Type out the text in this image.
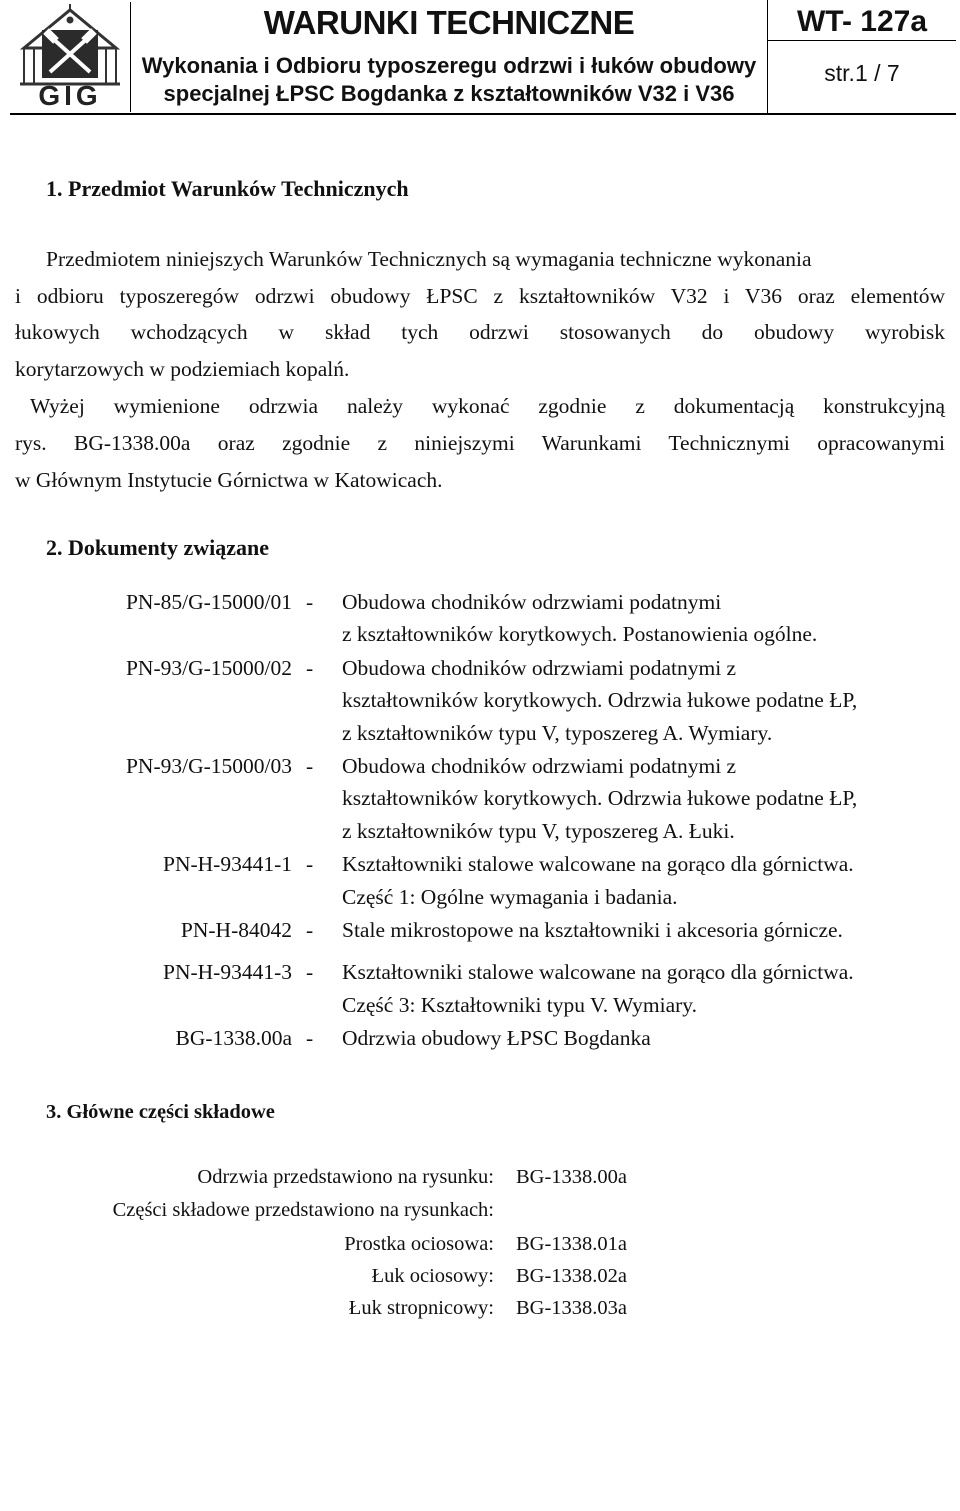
GIG
WARUNKI TECHNICZNE
Wykonania i Odbioru typoszeregu odrzwi i łuków obudowy
specjalnej ŁPSC Bogdanka z kształtowników V32 i V36
WT- 127a
str.1 / 7
1. Przedmiot Warunków Technicznych
Przedmiotem niniejszych Warunków Technicznych są wymagania techniczne wykonania
i odbioru typoszeregów odrzwi obudowy ŁPSC z kształtowników V32 i V36 oraz elementów
łukowych wchodzących w skład tych odrzwi stosowanych do obudowy wyrobisk
korytarzowych w podziemiach kopalń.
Wyżej wymienione odrzwia należy wykonać zgodnie z dokumentacją konstrukcyjną
rys. BG-1338.00a oraz zgodnie z niniejszymi Warunkami Technicznymi opracowanymi
w Głównym Instytucie Górnictwa w Katowicach.
2. Dokumenty związane
PN-85/G-15000/01 - Obudowa chodników odrzwiami podatnymi
z kształtowników korytkowych. Postanowienia ogólne.
PN-93/G-15000/02 - Obudowa chodników odrzwiami podatnymi z
kształtowników korytkowych. Odrzwia łukowe podatne ŁP,
z kształtowników typu V, typoszereg A. Wymiary.
PN-93/G-15000/03 - Obudowa chodników odrzwiami podatnymi z
kształtowników korytkowych. Odrzwia łukowe podatne ŁP,
z kształtowników typu V, typoszereg A. Łuki.
PN-H-93441-1 - Kształtowniki stalowe walcowane na gorąco dla górnictwa.
Część 1: Ogólne wymagania i badania.
PN-H-84042 - Stale mikrostopowe na kształtowniki i akcesoria górnicze.
PN-H-93441-3 - Kształtowniki stalowe walcowane na gorąco dla górnictwa.
Część 3: Kształtowniki typu V. Wymiary.
BG-1338.00a - Odrzwia obudowy ŁPSC Bogdanka
3. Główne części składowe
Odrzwia przedstawiono na rysunku: BG-1338.00a
Części składowe przedstawiono na rysunkach:
Prostka ociosowa: BG-1338.01a
Łuk ociosowy: BG-1338.02a
Łuk stropnicowy: BG-1338.03a
